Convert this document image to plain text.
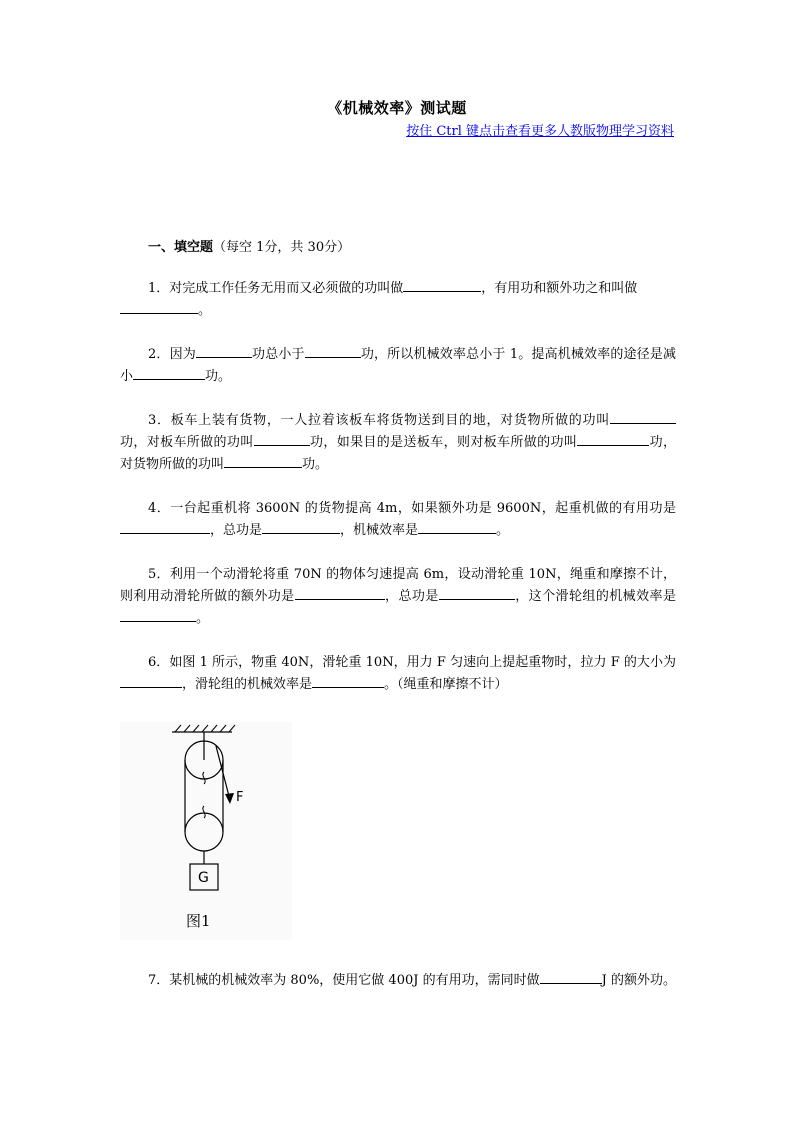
《机械效率》测试题
按住 Ctrl 键点击查看更多人教版物理学习资料
一、填空题（每空 1分，共 30分）
1．对完成工作任务无用而又必须做的功叫做	，有用功和额外功之和叫做
。
2．因为	功总小于	功，所以机械效率总小于 1。提高机械效率的途径是减小	功。
3．板车上装有货物，一人拉着该板车将货物送到目的地，对货物所做的功叫功，对板车所做的功叫	功，如果目的是送板车，则对板车所做的功叫	功，对货物所做的功叫	功。
4．一台起重机将 3600N 的货物提高 4m，如果额外功是 9600N，起重机做的有用功是，总功是	，机械效率是	。
5．利用一个动滑轮将重 70N 的物体匀速提高 6m，设动滑轮重 10N，绳重和摩擦不计，则利用动滑轮所做的额外功是	，总功是	，这个滑轮组的机械效率是。
6．如图 1 所示，物重 40N，滑轮重 10N，用力 F 匀速向上提起重物时，拉力 F 的大小为，滑轮组的机械效率是	。（绳重和摩擦不计）
F
G
图1
7．某机械的机械效率为 80%，使用它做 400J 的有用功，需同时做	J 的额外功。
